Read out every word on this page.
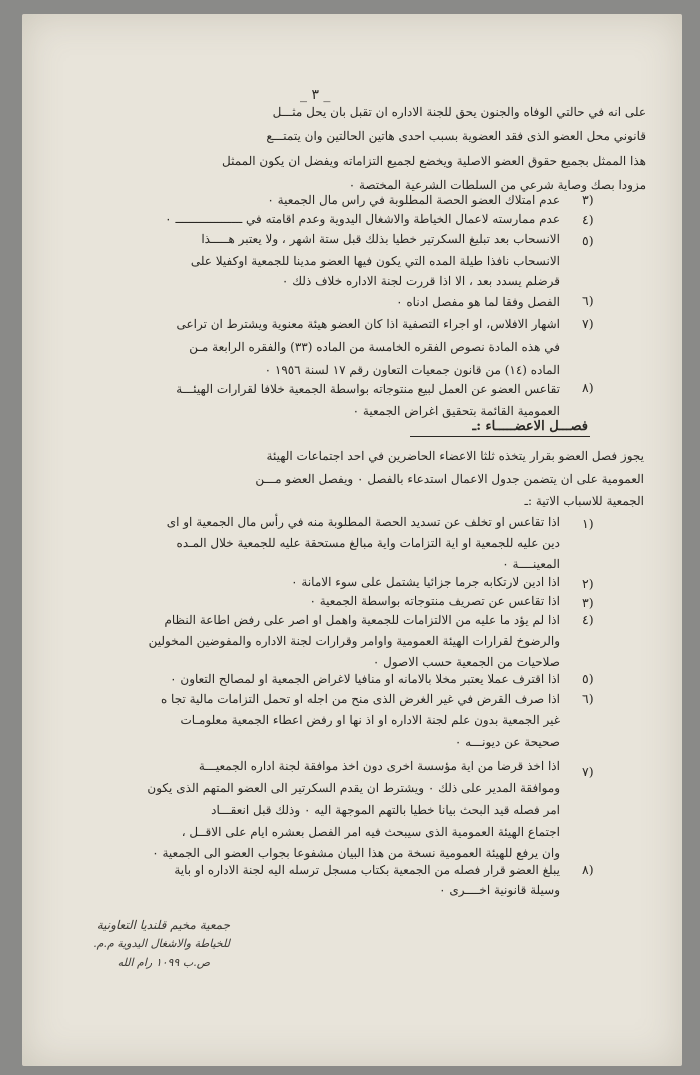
_ ٣ _
على انه في حالتي الوفاه والجنون يحق للجنة الاداره ان تقبل بان يحل مثـــل
قانوني محل العضو الذى فقد العضوية بسبب احدى هاتين الحالتين وان يتمتـــع
هذا الممثل بجميع حقوق العضو الاصلية ويخضع لجميع التزاماته ويفضل ان يكون الممثل
مزودا بصك وصاية شرعي من السلطات الشرعية المختصة ٠
٣)
عدم امتلاك العضو الحصة المطلوبة في راس مال الجمعية ٠
٤)
عدم ممارسته لاعمال الخياطة والاشغال اليدوية وعدم اقامته في ـــــــــــــــــــ ٠
٥)
الانسحاب بعد تبليغ السكرتير خطيا بذلك قبل ستة اشهر ، ولا يعتبر هـــــذا
الانسحاب نافذا طيلة المده التي يكون فيها العضو مدينا للجمعية اوكفيلا على
قرضلم يسدد بعد ، الا اذا قررت لجنة الاداره خلاف ذلك ٠
٦)
الفصل وفقا لما هو مفصل ادناه ٠
٧)
اشهار الافلاس، او اجراء التصفية اذا كان العضو هيئة معنوية ويشترط ان تراعى
في هذه المادة نصوص الفقره الخامسة من الماده (٣٣) والفقره الرابعة مـن
الماده (١٤) من قانون جمعيات التعاون رقم ١٧ لسنة ١٩٥٦ ٠
٨)
تقاعس العضو عن العمل لبيع منتوجاته بواسطة الجمعية خلافا لقرارات الهيئـــة
العمومية القائمة بتحقيق اغراض الجمعية ٠
فصـــل الاعضـــــاء :ـ
يجوز فصل العضو بقرار يتخذه ثلثا الاعضاء الحاضرين في احد اجتماعات الهيئة
العمومية على ان يتضمن جدول الاعمال استدعاء بالفصل ٠ ويفصل العضو مـــن
الجمعية للاسباب الاتية :ـ
١)
اذا تقاعس او تخلف عن تسديد الحصة المطلوبة منه في رأس مال الجمعية او اى
دين عليه للجمعية او اية التزامات واية مبالغ مستحقة عليه للجمعية خلال المـده
المعينــــة ٠
٢)
اذا ادين لارتكابه جرما جزائيا يشتمل على سوء الامانة ٠
٣)
اذا تقاعس عن تصريف منتوجاته بواسطة الجمعية ٠
٤)
اذا لم يؤد ما عليه من الالتزامات للجمعية واهمل او اصر على رفض اطاعة النظام
والرضوخ لقرارات الهيئة العمومية واوامر وقرارات لجنة الاداره والمفوضين المخولين
صلاحيات من الجمعية حسب الاصول ٠
٥)
اذا اقترف عملا يعتبر مخلا بالامانه او منافيا لاغراض الجمعية او لمصالح التعاون ٠
٦)
اذا صرف القرض في غير الغرض الذى منح من اجله او تحمل التزامات مالية تجا ه
غير الجمعية بدون علم لجنة الاداره او اذ نها او رفض اعطاء الجمعية معلومـات
صحيحة عن ديونـــه ٠
٧)
اذا اخذ قرضا من اية مؤسسة اخرى دون اخذ موافقة لجنة اداره الجمعيـــة
وموافقة المدير على ذلك ٠ ويشترط ان يقدم السكرتير الى العضو المتهم الذى يكون
امر فصله قيد البحث بيانا خطيا بالتهم الموجهة اليه ٠ وذلك قبل انعقـــاد
اجتماع الهيئة العمومية الذى سيبحث فيه امر الفصل بعشره ايام على الاقــل ،
وان يرفع للهيئة العمومية نسخة من هذا البيان مشفوعا بجواب العضو الى الجمعية ٠
٨)
يبلغ العضو قرار فصله من الجمعية بكتاب مسجل ترسله اليه لجنة الاداره او باية
وسيلة قانونية اخــــرى ٠
جمعية مخيم قلنديا التعاونية
للخياطة والاشغال اليدوية م.م.
ص.ب ١٠٩٩ رام الله
